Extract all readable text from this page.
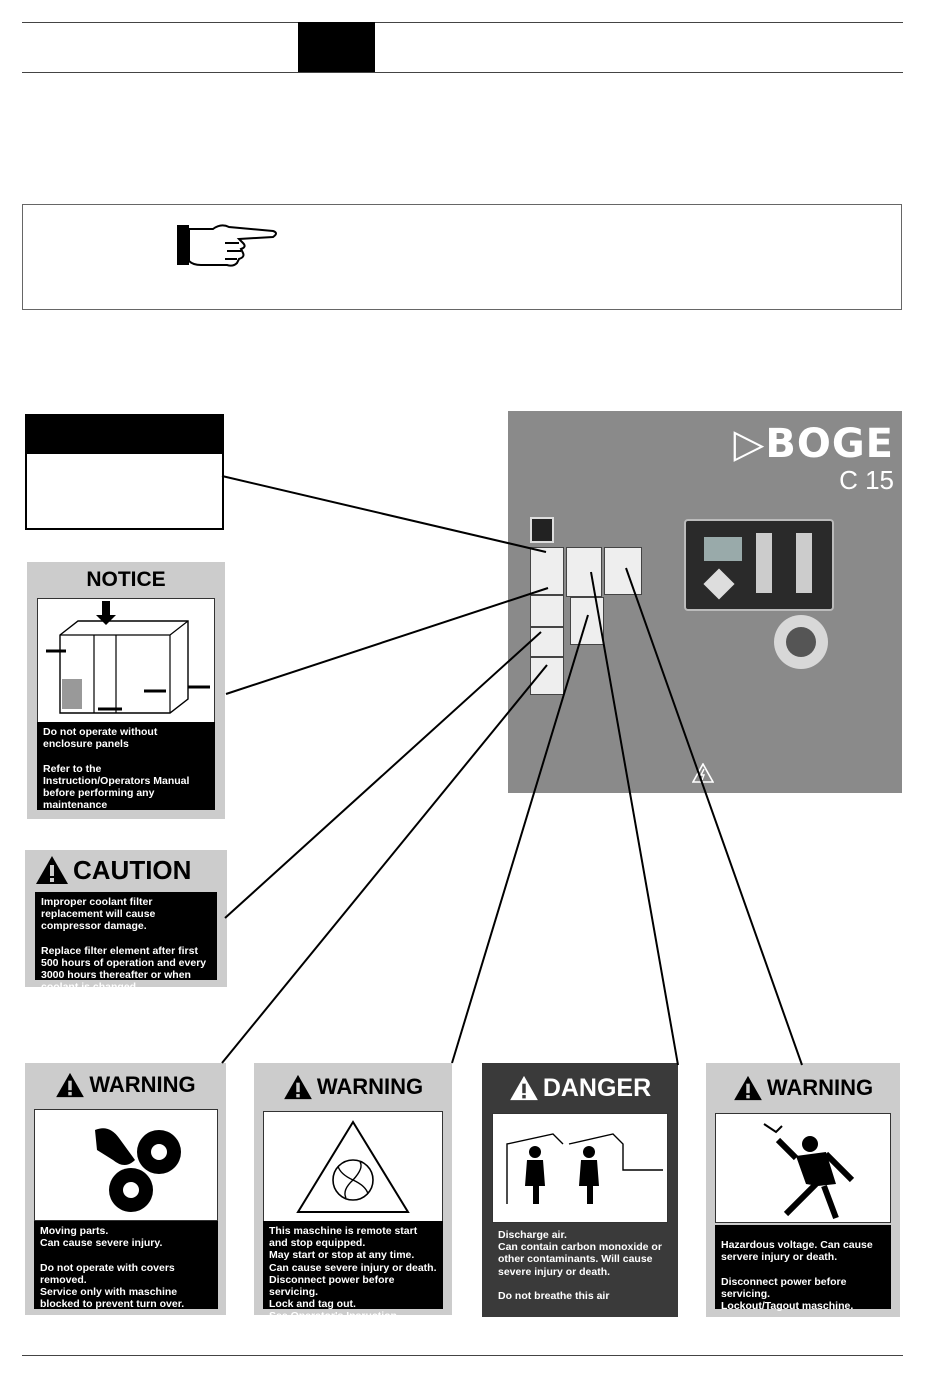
NOTICE
Do not operate without enclosure panels

Refer to the Instruction/Operators Manual before performing any maintenance
CAUTION
Improper coolant filter replacement will cause compressor damage.

Replace filter element after first 500 hours of operation and every 3000 hours thereafter or when coolant is changed.
WARNING
Moving parts.
Can cause severe injury.

Do not operate with covers removed.
Service only with maschine blocked to prevent turn over.
WARNING
This maschine is remote start and stop equipped.
May start or stop at any time.
Can cause severe injury or death.
Disconnect power before servicing.
Lock and tag out.
See Operator's Insruction Manual.
DANGER
Discharge air.
Can contain carbon monoxide or other contaminants. Will cause severe injury or death.

Do not breathe this air
WARNING
Hazardous voltage. Can cause servere injury or death.

Disconnect power before servicing.
Lockout/Tagout maschine.
▷BOGE
C 15
